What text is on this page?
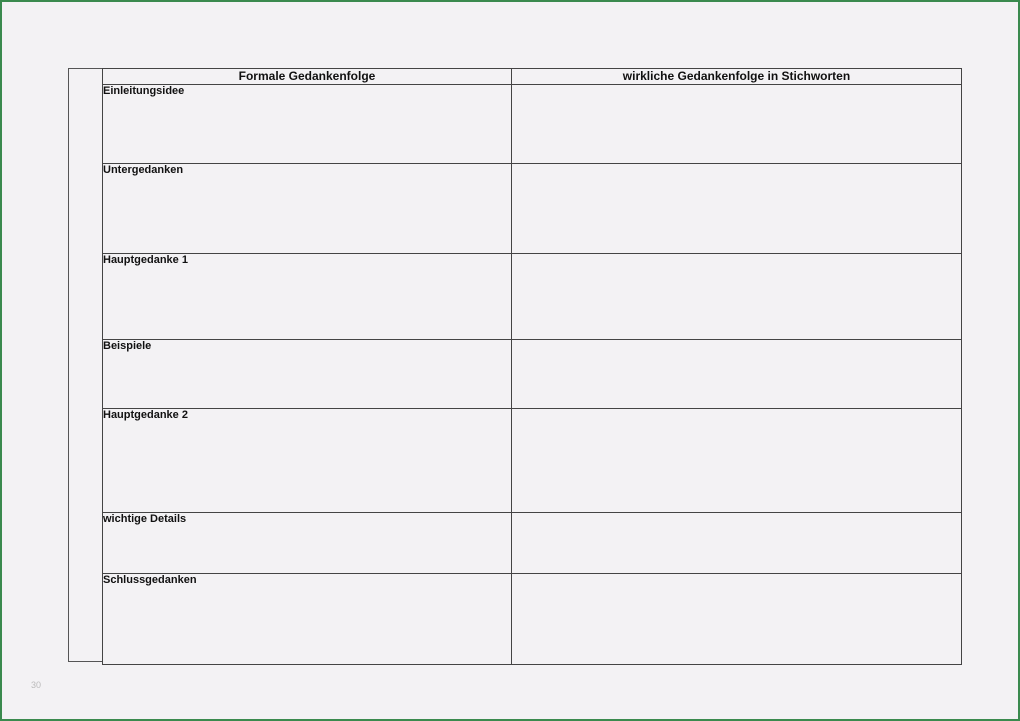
Formale Gedankenfolge	wirkliche Gedankenfolge in Stichworten
Einleitungsidee	
Untergedanken	
Hauptgedanke 1	
Beispiele	
Hauptgedanke 2	
wichtige Details	
Schlussgedanken	
30
